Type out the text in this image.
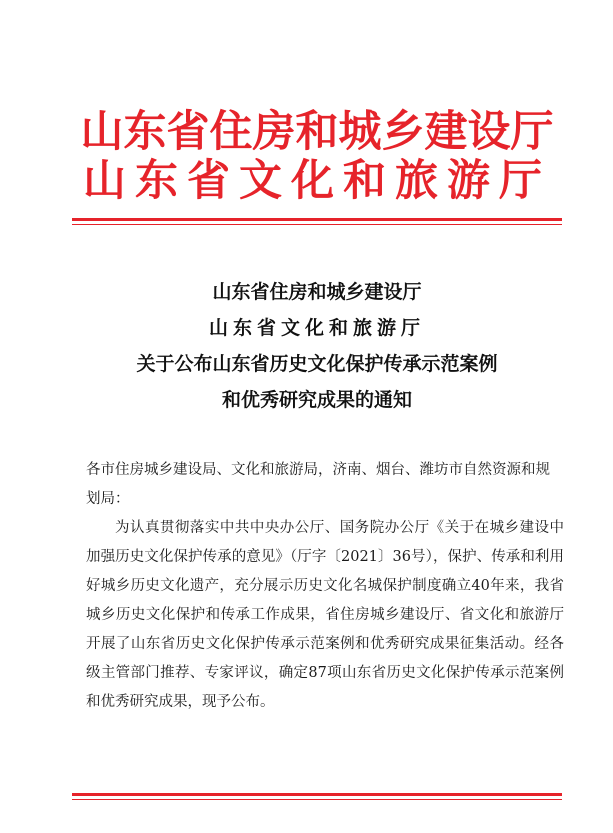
山东省住房和城乡建设厅
山东省文化和旅游厅
山东省住房和城乡建设厅
山东省文化和旅游厅
关于公布山东省历史文化保护传承示范案例
和优秀研究成果的通知
各市住房城乡建设局、文化和旅游局，济南、烟台、潍坊市自然资源和规划局：
为认真贯彻落实中共中央办公厅、国务院办公厅《关于在城乡建设中加强历史文化保护传承的意见》（厅字〔2021〕36号），保护、传承和利用好城乡历史文化遗产，充分展示历史文化名城保护制度确立40年来，我省城乡历史文化保护和传承工作成果，省住房城乡建设厅、省文化和旅游厅开展了山东省历史文化保护传承示范案例和优秀研究成果征集活动。经各级主管部门推荐、专家评议，确定87项山东省历史文化保护传承示范案例和优秀研究成果，现予公布。
